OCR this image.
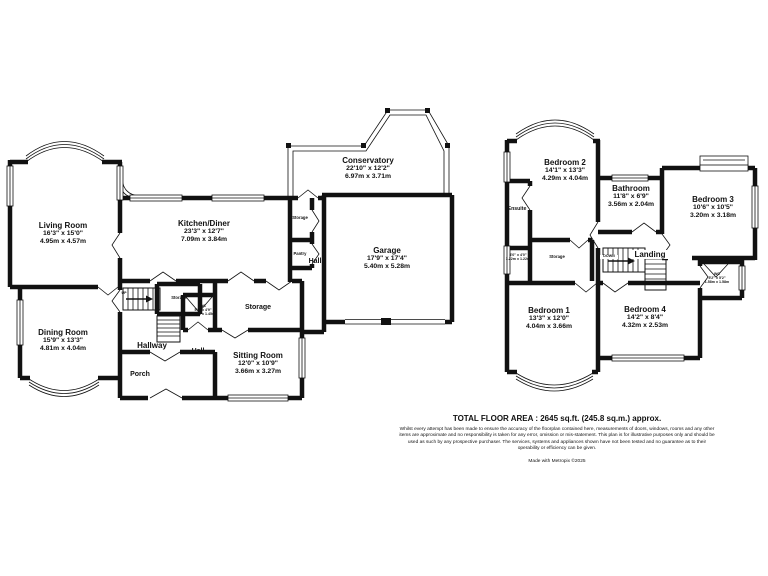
Living Room
16'3" x 15'0"
4.95m x 4.57m
Kitchen/Diner
23'3" x 12'7"
7.09m x 3.84m
Conservatory
22'10" x 12'2"
6.97m x 3.71m
Garage
17'9" x 17'4"
5.40m x 5.28m
Dining Room
15'9" x 13'3"
4.81m x 4.04m
Sitting Room
12'0" x 10'9"
3.66m x 3.27m
WC
5'3" x 4'9"
1.60m x 1.45m
Hallway
Hall
Hall
Porch
Storage
Storage
Storage
Pantry
UP
Bedroom 2
14'1" x 13'3"
4.29m x 4.04m
Bathroom
11'8" x 6'9"
3.56m x 2.04m
Bedroom 3
10'6" x 10'5"
3.20m x 3.18m
Bedroom 1
13'3" x 12'0"
4.04m x 3.66m
Bedroom 4
14'2" x 8'4"
4.32m x 2.53m
WC
5'2" x 5'2"
1.58m x 1.58m
4'0" x 4'0"
1.22m x 1.22m
Ensuite
Storage	Landing
DOWN
TOTAL FLOOR AREA : 2645 sq.ft. (245.8 sq.m.) approx.
Whilst every attempt has been made to ensure the accuracy of the floorplan contained here, measurements of doors, windows, rooms and any other items are approximate and no responsibility is taken for any error, omission or mis-statement. This plan is for illustrative purposes only and should be used as such by any prospective purchaser. The services, systems and appliances shown have not been tested and no guarantee as to their operability or efficiency can be given.
Made with Metropix ©2025
